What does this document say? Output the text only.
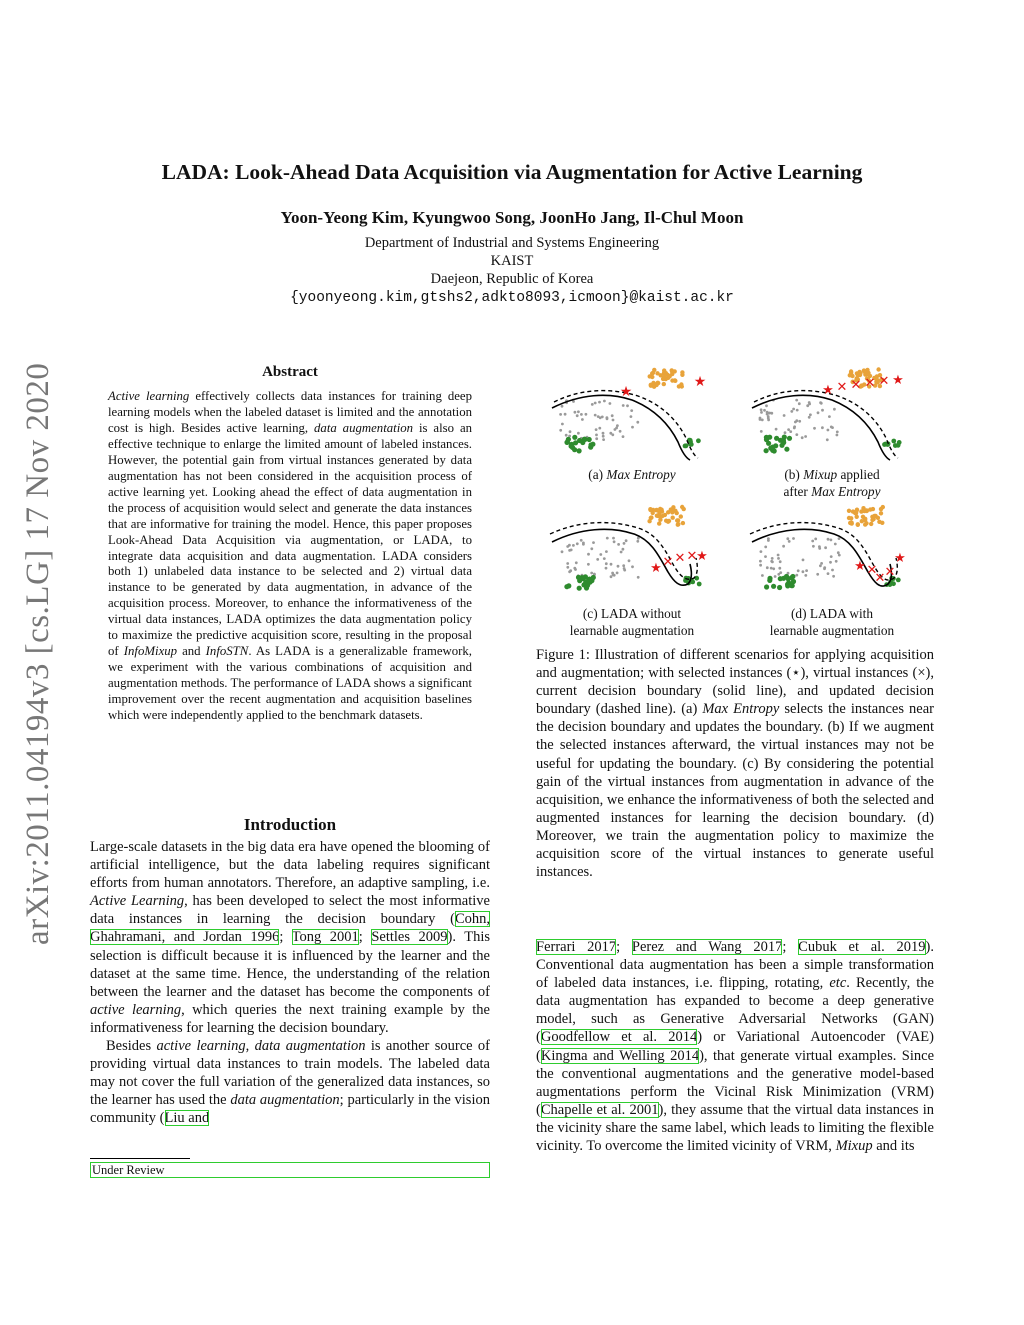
LADA: Look-Ahead Data Acquisition via Augmentation for Active Learning
Yoon-Yeong Kim, Kyungwoo Song, JoonHo Jang, Il-Chul Moon
Department of Industrial and Systems Engineering
KAIST
Daejeon, Republic of Korea
{yoonyeong.kim,gtshs2,adkto8093,icmoon}@kaist.ac.kr
arXiv:2011.04194v3 [cs.LG] 17 Nov 2020	Abstract
Active learning effectively collects data instances for training deep learning models when the labeled dataset is limited and the annotation cost is high. Besides active learning, data augmentation is also an effective technique to enlarge the limited amount of labeled instances. However, the potential gain from virtual instances generated by data augmentation has not been considered in the acquisition process of active learning yet. Looking ahead the effect of data augmentation in the process of acquisition would select and generate the data instances that are informative for training the model. Hence, this paper proposes Look-Ahead Data Acquisition via augmentation, or LADA, to integrate data acquisition and data augmentation. LADA considers both 1) unlabeled data instance to be selected and 2) virtual data instance to be generated by data augmentation, in advance of the acquisition process. Moreover, to enhance the informativeness of the virtual data instances, LADA optimizes the data augmentation policy to maximize the predictive acquisition score, resulting in the proposal of InfoMixup and InfoSTN. As LADA is a generalizable framework, we experiment with the various combinations of acquisition and augmentation methods. The performance of LADA shows a significant improvement over the recent augmentation and acquisition baselines which were independently applied to the benchmark datasets.
Introduction

Large-scale datasets in the big data era have opened the blooming of artificial intelligence, but the data labeling requires significant efforts from human annotators. Therefore, an adaptive sampling, i.e. Active Learning, has been developed to select the most informative data instances in learning the decision boundary (Cohn, Ghahramani, and Jordan 1996; Tong 2001; Settles 2009). This selection is difficult because it is influenced by the learner and the dataset at the same time. Hence, the understanding of the relation between the learner and the dataset has become the components of active learning, which queries the next training example by the informativeness for learning the decision boundary.

Besides active learning, data augmentation is another source of providing virtual data instances to train models. The labeled data may not cover the full variation of the generalized data instances, so the learner has used the data augmentation; particularly in the vision community (Liu and

Under Review
★
★	★ ✕ ✕ ✕ ✕ ★
★ ✕ ✕ ✕
★
★ ✕
✕ ✕
★
(a) Max Entropy	(b) Mixup applied
after Max Entropy
(c) LADA without
learnable augmentation
(d) LADA with
learnable augmentation
Figure 1: Illustration of different scenarios for applying acquisition and augmentation; with selected instances (⋆), virtual instances (×), current decision boundary (solid line), and updated decision boundary (dashed line). (a) Max Entropy selects the instances near the decision boundary and updates the boundary. (b) If we augment the selected instances afterward, the virtual instances may not be useful for updating the boundary. (c) By considering the potential gain of the virtual instances from augmentation in advance of the acquisition, we enhance the informativeness of both the selected and augmented instances for learning the decision boundary. (d) Moreover, we train the augmentation policy to maximize the acquisition score of the virtual instances to generate useful instances.
Ferrari 2017; Perez and Wang 2017; Cubuk et al. 2019). Conventional data augmentation has been a simple transformation of labeled data instances, i.e. flipping, rotating, etc. Recently, the data augmentation has expanded to become a deep generative model, such as Generative Adversarial Networks (GAN) (Goodfellow et al. 2014) or Variational Autoencoder (VAE) (Kingma and Welling 2014), that generate virtual examples. Since the conventional augmentations and the generative model-based augmentations perform the Vicinal Risk Minimization (VRM)(Chapelle et al. 2001), they assume that the virtual data instances in the vicinity share the same label, which leads to limiting the flexible vicinity. To overcome the limited vicinity of VRM, Mixup and its
